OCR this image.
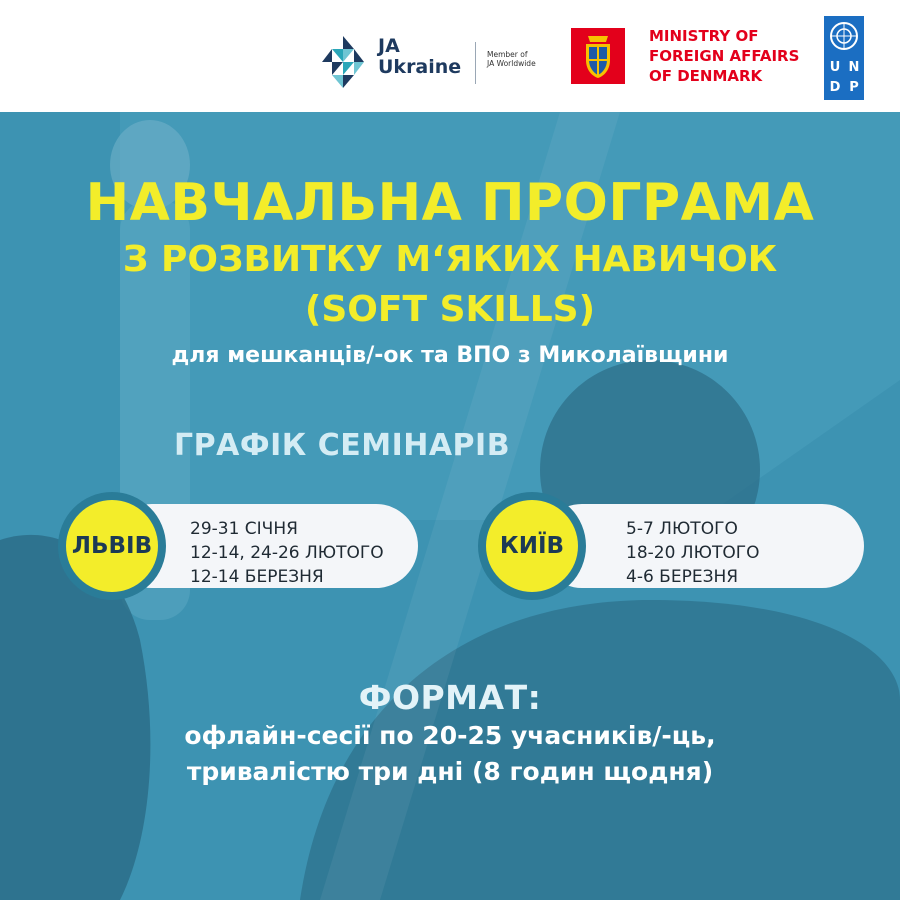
JA
Ukraine
Member of
JA Worldwide
MINISTRY OF
FOREIGN AFFAIRS
OF DENMARK	U N
D P
НАВЧАЛЬНА ПРОГРАМА
З РОЗВИТКУ М‘ЯКИХ НАВИЧОК
(SOFT SKILLS)
для мешканців/-ок та ВПО з Миколаївщини
ГРАФІК СЕМІНАРІВ
ЛЬВІВ
29-31 СІЧНЯ
12-14, 24-26 ЛЮТОГО
12-14 БЕРЕЗНЯ
КИЇВ
5-7 ЛЮТОГО
18-20 ЛЮТОГО
4-6 БЕРЕЗНЯ
ФОРМАТ:
офлайн-сесії по 20-25 учасників/-ць,
тривалістю три дні (8 годин щодня)
